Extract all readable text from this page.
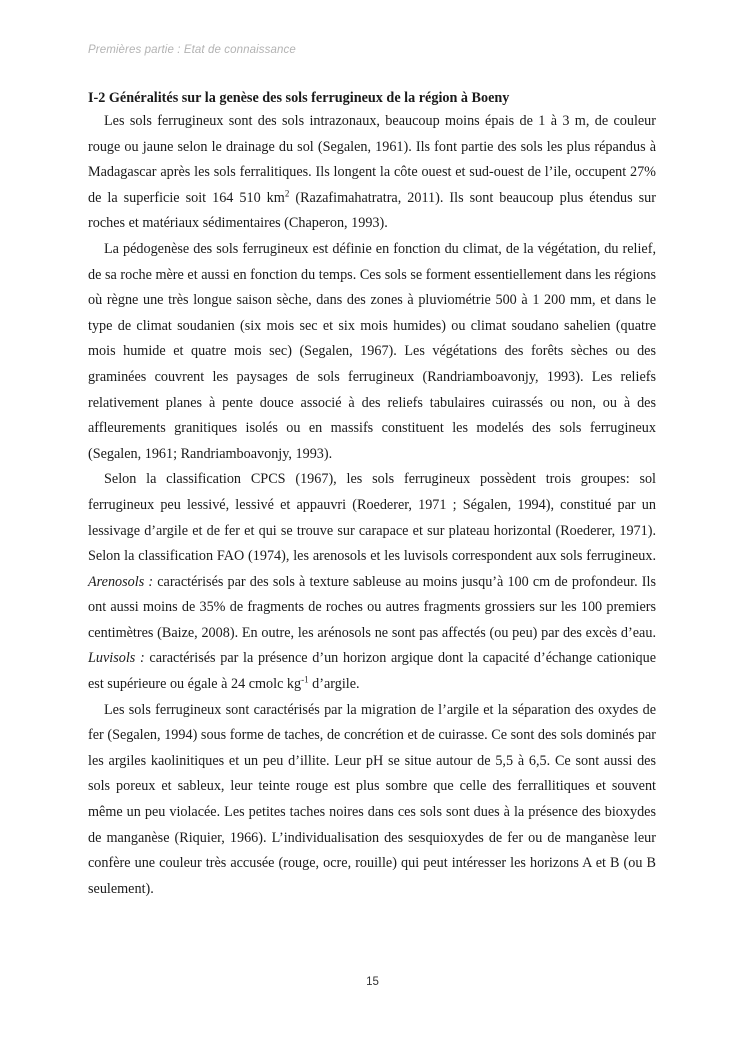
Premières partie : Etat de connaissance
I-2 Généralités sur la genèse des sols ferrugineux de la région à Boeny

Les sols ferrugineux sont des sols intrazonaux, beaucoup moins épais de 1 à 3 m, de couleur rouge ou jaune selon le drainage du sol (Segalen, 1961). Ils font partie des sols les plus répandus à Madagascar après les sols ferralitiques. Ils longent la côte ouest et sud-ouest de l’ile, occupent 27% de la superficie soit 164 510 $km^2$ (Razafimahatratra, 2011). Ils sont beaucoup plus étendus sur roches et matériaux sédimentaires (Chaperon, 1993).

La pédogenèse des sols ferrugineux est définie en fonction du climat, de la végétation, du relief, de sa roche mère et aussi en fonction du temps. Ces sols se forment essentiellement dans les régions où règne une très longue saison sèche, dans des zones à pluviométrie 500 à 1 200 mm, et dans le type de climat soudanien (six mois sec et six mois humides) ou climat soudano sahelien (quatre mois humide et quatre mois sec) (Segalen, 1967). Les végétations des forêts sèches ou des graminées couvrent les paysages de sols ferrugineux (Randriamboavonjy, 1993). Les reliefs relativement planes à pente douce associé à des reliefs tabulaires cuirassés ou non, ou à des affleurements granitiques isolés ou en massifs constituent les modelés des sols ferrugineux (Segalen, 1961; Randriamboavonjy, 1993).

Selon la classification CPCS (1967), les sols ferrugineux possèdent trois groupes: sol ferrugineux peu lessivé, lessivé et appauvri (Roederer, 1971 ; Ségalen, 1994), constitué par un lessivage d’argile et de fer et qui se trouve sur carapace et sur plateau horizontal (Roederer, 1971). Selon la classification FAO (1974), les arenosols et les luvisols correspondent aux sols ferrugineux. Arenosols : caractérisés par des sols à texture sableuse au moins jusqu’à 100 cm de profondeur. Ils ont aussi moins de 35% de fragments de roches ou autres fragments grossiers sur les 100 premiers centimètres (Baize, 2008). En outre, les arénosols ne sont pas affectés (ou peu) par des excès d’eau. Luvisols : caractérisés par la présence d’un horizon argique dont la capacité d’échange cationique est supérieure ou égale à 24 cmolc $kg^{-1}$ d’argile.

Les sols ferrugineux sont caractérisés par la migration de l’argile et la séparation des oxydes de fer (Segalen, 1994) sous forme de taches, de concrétion et de cuirasse. Ce sont des sols dominés par les argiles kaolinitiques et un peu d’illite. Leur pH se situe autour de 5,5 à 6,5. Ce sont aussi des sols poreux et sableux, leur teinte rouge est plus sombre que celle des ferrallitiques et souvent même un peu violacée. Les petites taches noires dans ces sols sont dues à la présence des bioxydes de manganèse (Riquier, 1966). L’individualisation des sesquioxydes de fer ou de manganèse leur confère une couleur très accusée (rouge, ocre, rouille) qui peut intéresser les horizons A et B (ou B seulement).

15
